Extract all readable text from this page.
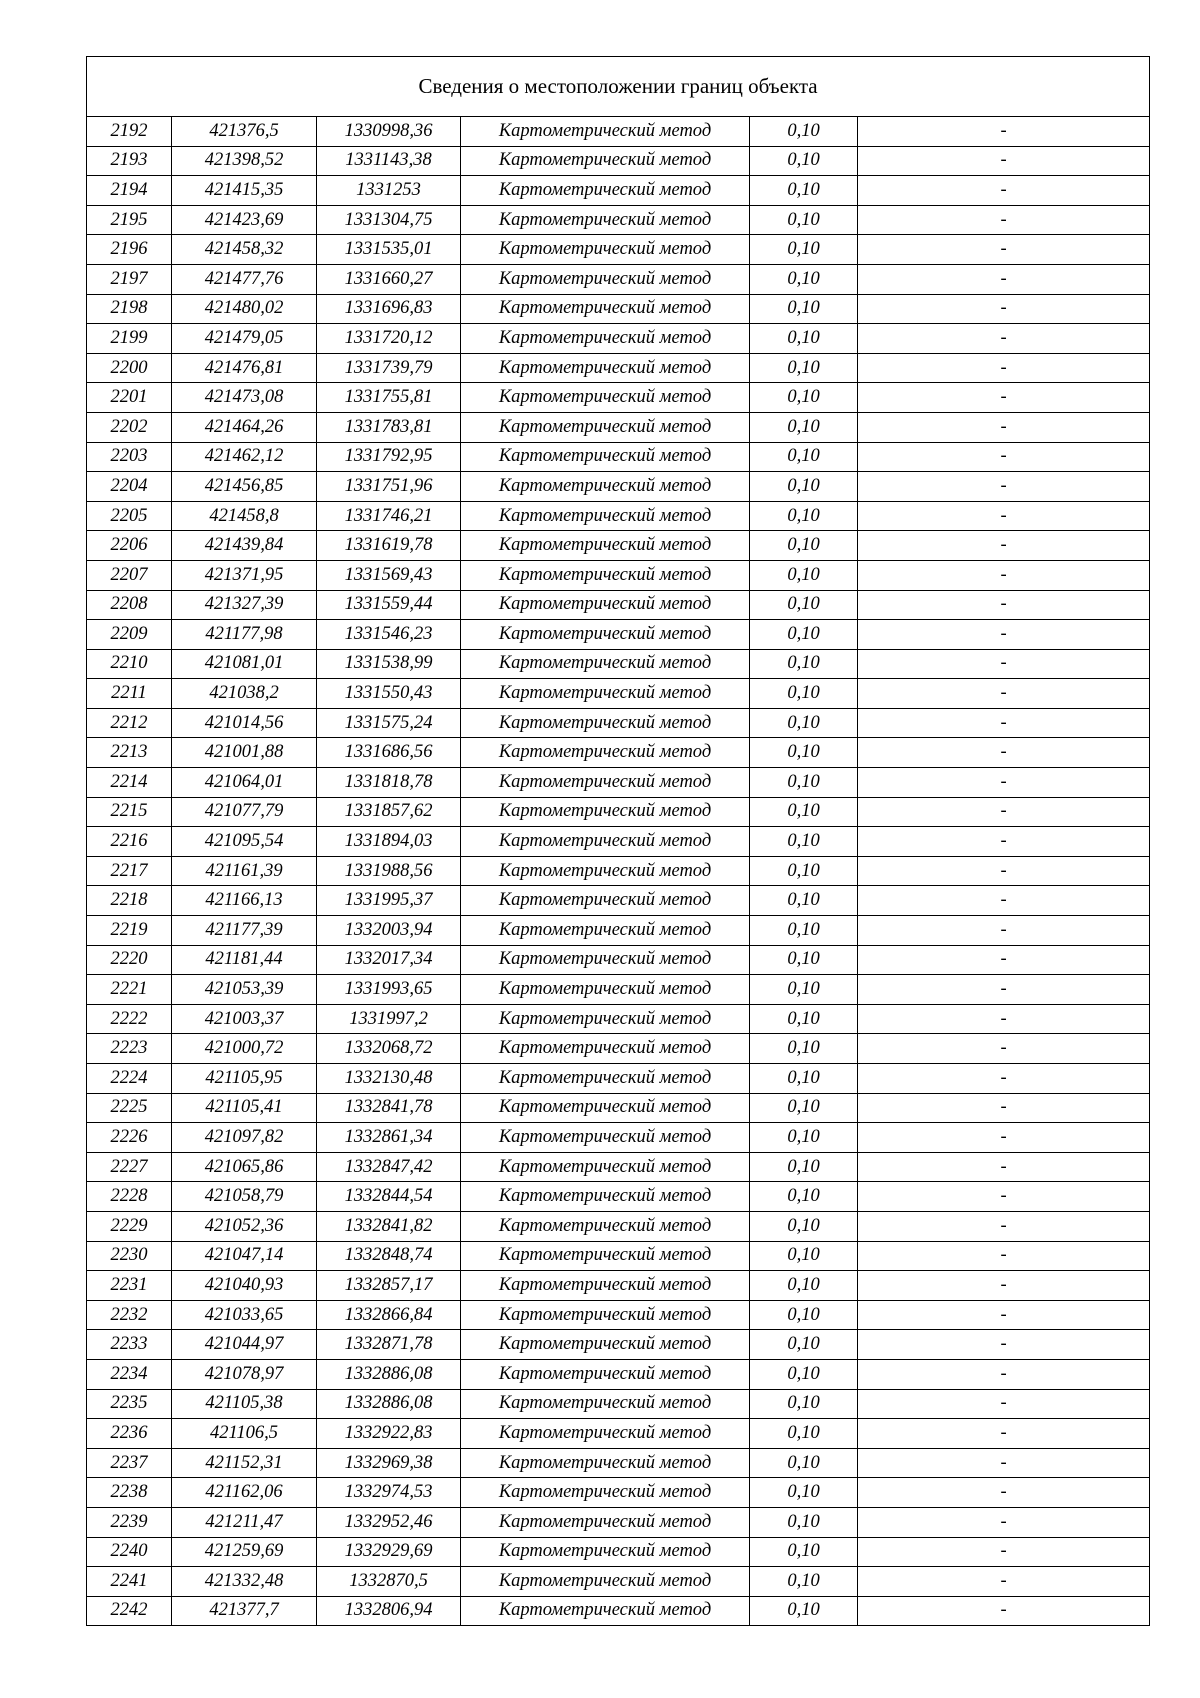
Сведения о местоположении границ объекта					
2192	421376,5	1330998,36	Картометрический метод	0,10	-
2193	421398,52	1331143,38	Картометрический метод	0,10	-
2194	421415,35	1331253	Картометрический метод	0,10	-
2195	421423,69	1331304,75	Картометрический метод	0,10	-
2196	421458,32	1331535,01	Картометрический метод	0,10	-
2197	421477,76	1331660,27	Картометрический метод	0,10	-
2198	421480,02	1331696,83	Картометрический метод	0,10	-
2199	421479,05	1331720,12	Картометрический метод	0,10	-
2200	421476,81	1331739,79	Картометрический метод	0,10	-
2201	421473,08	1331755,81	Картометрический метод	0,10	-
2202	421464,26	1331783,81	Картометрический метод	0,10	-
2203	421462,12	1331792,95	Картометрический метод	0,10	-
2204	421456,85	1331751,96	Картометрический метод	0,10	-
2205	421458,8	1331746,21	Картометрический метод	0,10	-
2206	421439,84	1331619,78	Картометрический метод	0,10	-
2207	421371,95	1331569,43	Картометрический метод	0,10	-
2208	421327,39	1331559,44	Картометрический метод	0,10	-
2209	421177,98	1331546,23	Картометрический метод	0,10	-
2210	421081,01	1331538,99	Картометрический метод	0,10	-
2211	421038,2	1331550,43	Картометрический метод	0,10	-
2212	421014,56	1331575,24	Картометрический метод	0,10	-
2213	421001,88	1331686,56	Картометрический метод	0,10	-
2214	421064,01	1331818,78	Картометрический метод	0,10	-
2215	421077,79	1331857,62	Картометрический метод	0,10	-
2216	421095,54	1331894,03	Картометрический метод	0,10	-
2217	421161,39	1331988,56	Картометрический метод	0,10	-
2218	421166,13	1331995,37	Картометрический метод	0,10	-
2219	421177,39	1332003,94	Картометрический метод	0,10	-
2220	421181,44	1332017,34	Картометрический метод	0,10	-
2221	421053,39	1331993,65	Картометрический метод	0,10	-
2222	421003,37	1331997,2	Картометрический метод	0,10	-
2223	421000,72	1332068,72	Картометрический метод	0,10	-
2224	421105,95	1332130,48	Картометрический метод	0,10	-
2225	421105,41	1332841,78	Картометрический метод	0,10	-
2226	421097,82	1332861,34	Картометрический метод	0,10	-
2227	421065,86	1332847,42	Картометрический метод	0,10	-
2228	421058,79	1332844,54	Картометрический метод	0,10	-
2229	421052,36	1332841,82	Картометрический метод	0,10	-
2230	421047,14	1332848,74	Картометрический метод	0,10	-
2231	421040,93	1332857,17	Картометрический метод	0,10	-
2232	421033,65	1332866,84	Картометрический метод	0,10	-
2233	421044,97	1332871,78	Картометрический метод	0,10	-
2234	421078,97	1332886,08	Картометрический метод	0,10	-
2235	421105,38	1332886,08	Картометрический метод	0,10	-
2236	421106,5	1332922,83	Картометрический метод	0,10	-
2237	421152,31	1332969,38	Картометрический метод	0,10	-
2238	421162,06	1332974,53	Картометрический метод	0,10	-
2239	421211,47	1332952,46	Картометрический метод	0,10	-
2240	421259,69	1332929,69	Картометрический метод	0,10	-
2241	421332,48	1332870,5	Картометрический метод	0,10	-
2242	421377,7	1332806,94	Картометрический метод	0,10	-
